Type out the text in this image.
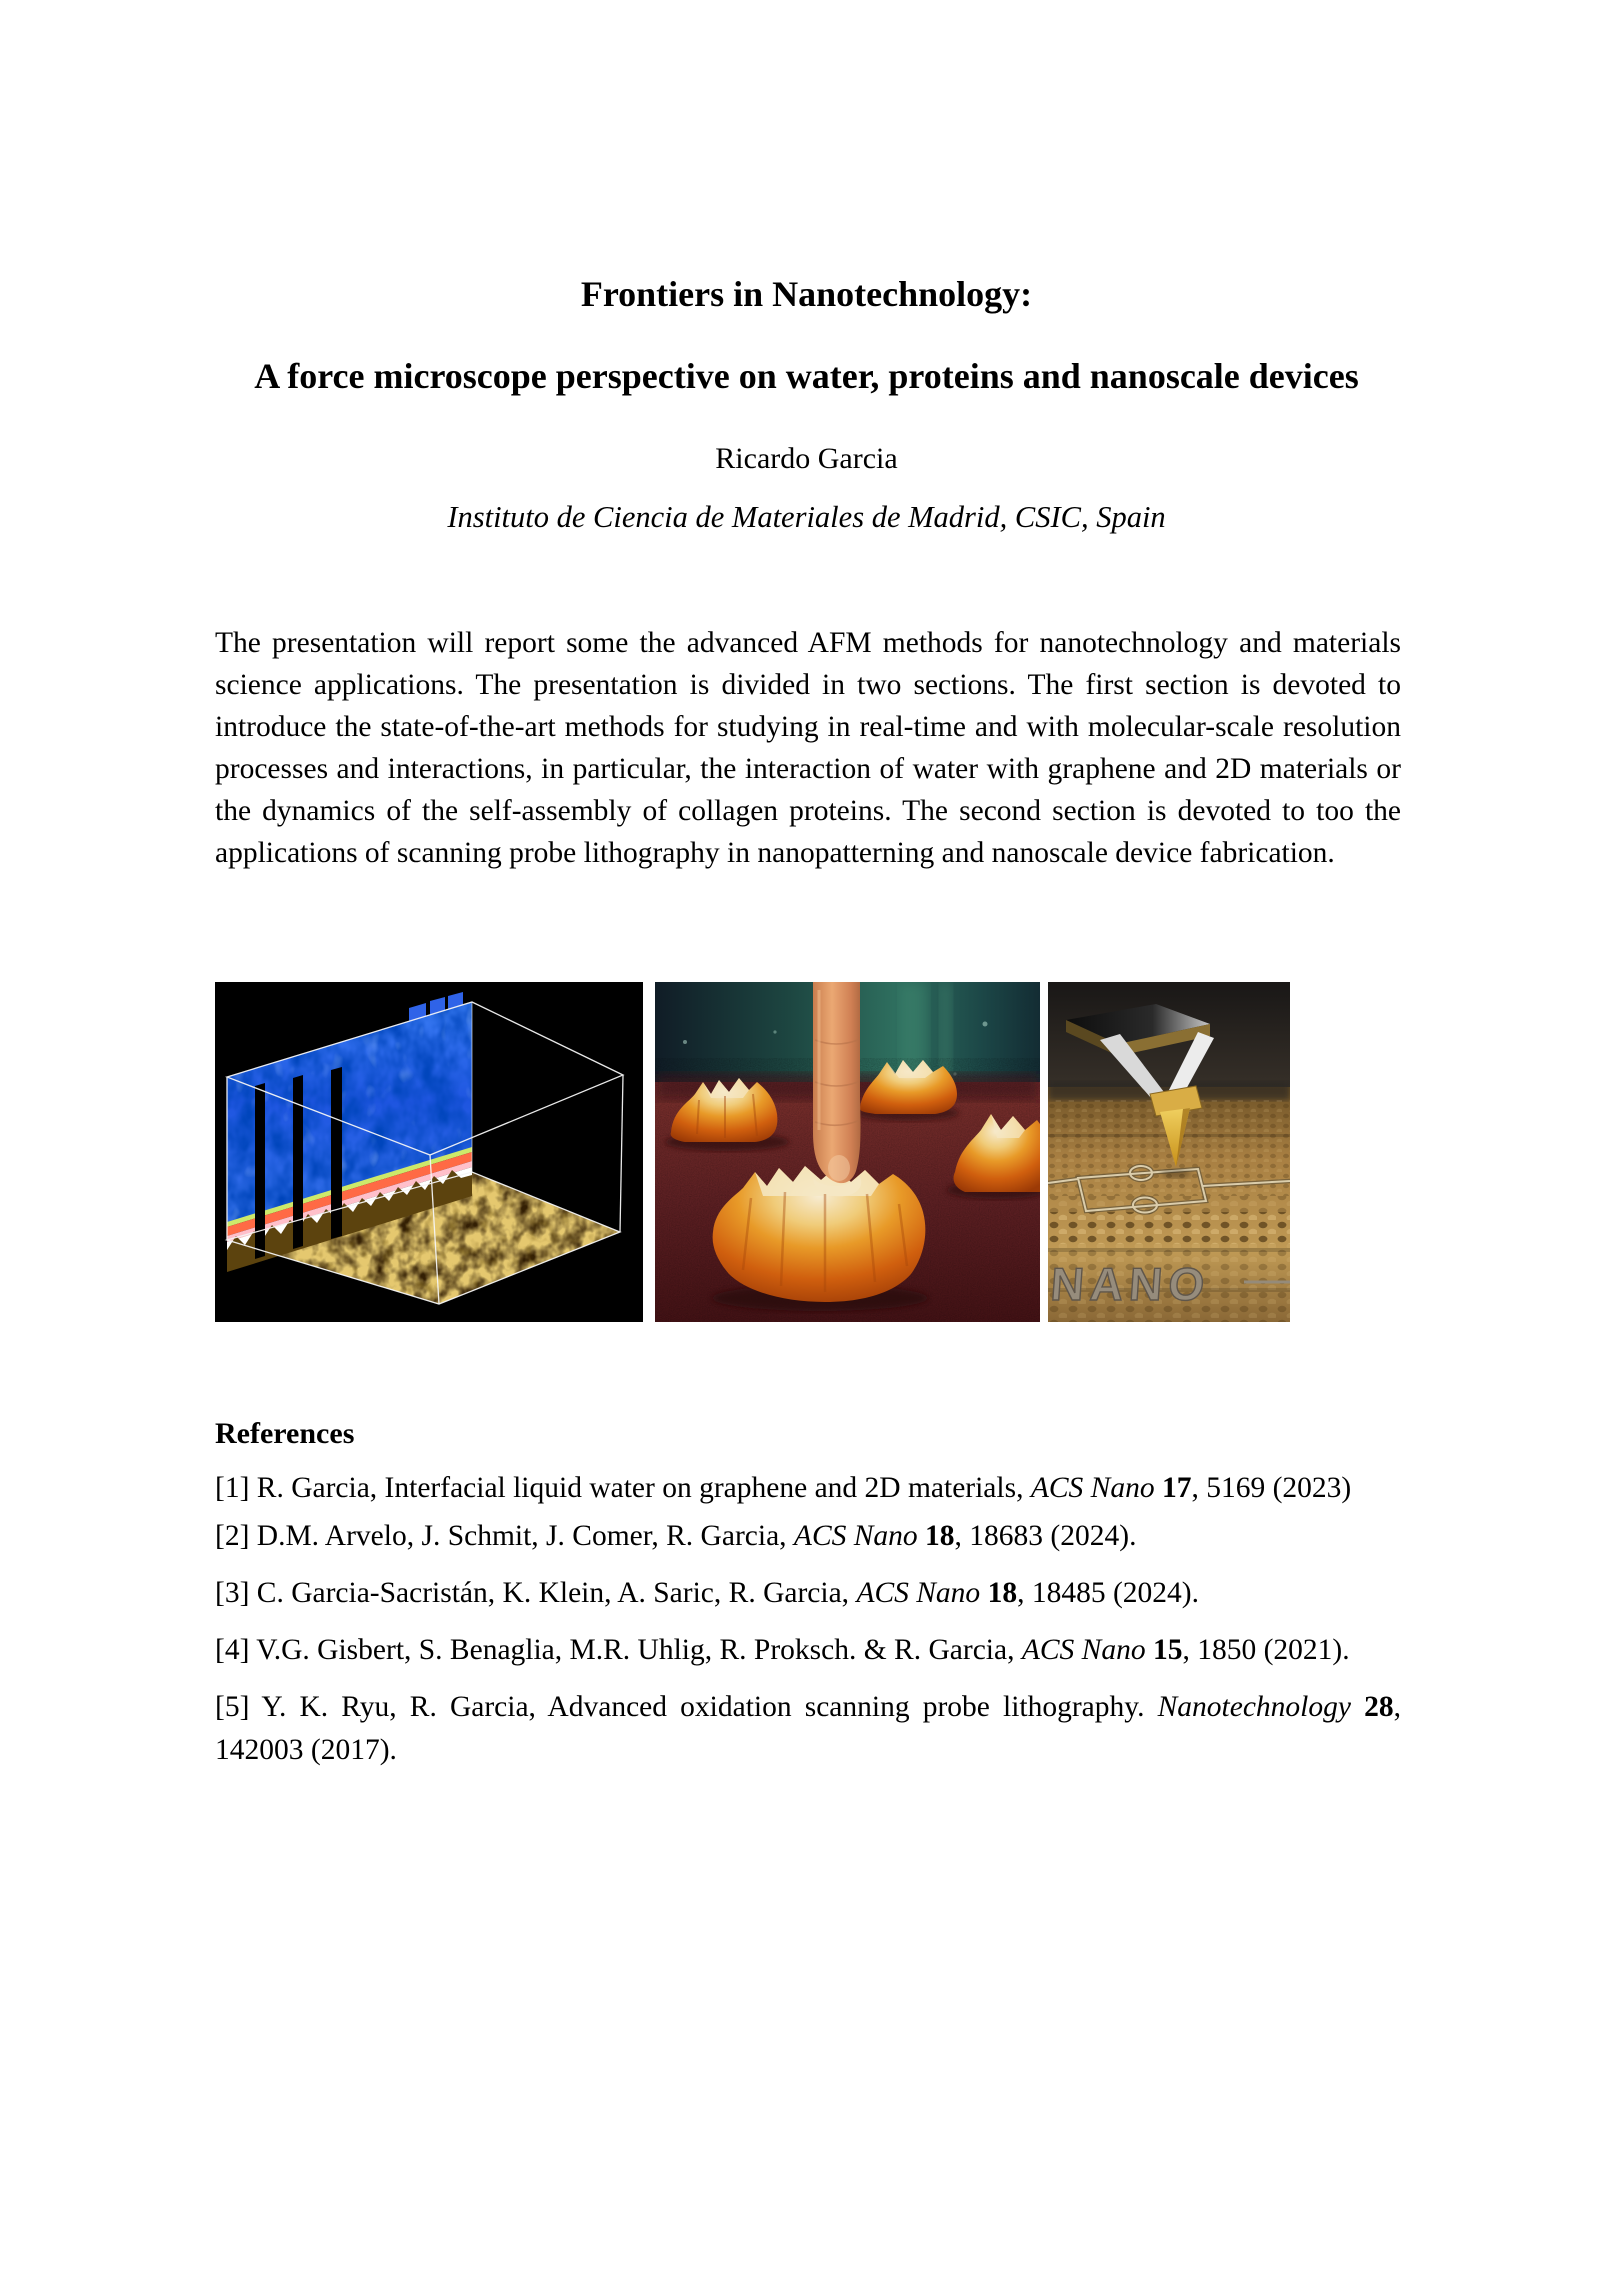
Frontiers in Nanotechnology:
A force microscope perspective on water, proteins and nanoscale devices
Ricardo Garcia
Instituto de Ciencia de Materiales de Madrid, CSIC, Spain

The presentation will report some the advanced AFM methods for nanotechnology and materials science applications. The presentation is divided in two sections. The first section is devoted to introduce the state-of-the-art methods for studying in real-time and with molecular-scale resolution processes and interactions, in particular, the interaction of water with graphene and 2D materials or the dynamics of the self-assembly of collagen proteins. The second section is devoted to too the applications of scanning probe lithography in nanopatterning and nanoscale device fabrication.

NANO
References

[1] R. Garcia, Interfacial liquid water on graphene and 2D materials, ACS Nano 17, 5169 (2023)

[2] D.M. Arvelo, J. Schmit, J. Comer, R. Garcia, ACS Nano 18, 18683 (2024).

[3] C. Garcia-Sacristán, K. Klein, A. Saric, R. Garcia, ACS Nano 18, 18485 (2024).

[4] V.G. Gisbert, S. Benaglia, M.R. Uhlig, R. Proksch. & R. Garcia, ACS Nano 15, 1850 (2021).

[5] Y. K. Ryu, R. Garcia, Advanced oxidation scanning probe lithography. Nanotechnology 28,
142003 (2017).
